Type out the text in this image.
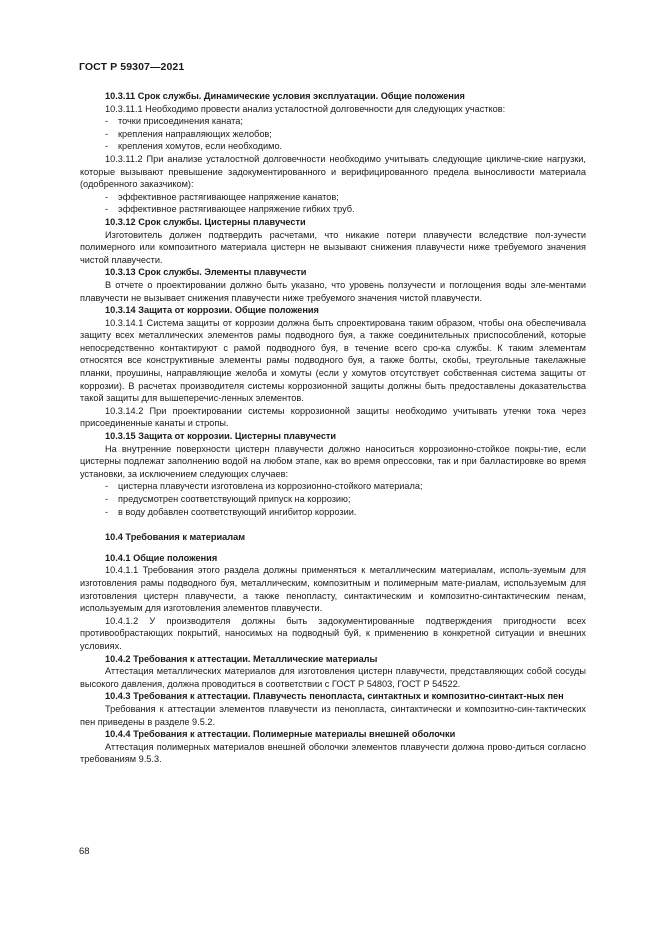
ГОСТ Р 59307—2021
10.3.11 Срок службы. Динамические условия эксплуатации. Общие положения
10.3.11.1 Необходимо провести анализ усталостной долговечности для следующих участков:
- точки присоединения каната;
- крепления направляющих желобов;
- крепления хомутов, если необходимо.
10.3.11.2 При анализе усталостной долговечности необходимо учитывать следующие цикличе-ские нагрузки, которые вызывают превышение задокументированного и верифицированного предела выносливости материала (одобренного заказчиком):
- эффективное растягивающее напряжение канатов;
- эффективное растягивающее напряжение гибких труб.
10.3.12 Срок службы. Цистерны плавучести
Изготовитель должен подтвердить расчетами, что никакие потери плавучести вследствие пол-зучести полимерного или композитного материала цистерн не вызывают снижения плавучести ниже требуемого значения чистой плавучести.
10.3.13 Срок службы. Элементы плавучести
В отчете о проектировании должно быть указано, что уровень ползучести и поглощения воды эле-ментами плавучести не вызывает снижения плавучести ниже требуемого значения чистой плавучести.
10.3.14 Защита от коррозии. Общие положения
10.3.14.1 Система защиты от коррозии должна быть спроектирована таким образом, чтобы она обеспечивала защиту всех металлических элементов рамы подводного буя, а также соединительных приспособлений, которые непосредственно контактируют с рамой подводного буя, в течение всего сро-ка службы. К таким элементам относятся все конструктивные элементы рамы подводного буя, а также болты, скобы, треугольные такелажные планки, проушины, направляющие желоба и хомуты (если у хомутов отсутствует собственная система защиты от коррозии). В расчетах производителя системы коррозионной защиты должны быть предоставлены доказательства такой защиты для вышеперечис-ленных элементов.
10.3.14.2 При проектировании системы коррозионной защиты необходимо учитывать утечки тока через присоединенные канаты и стропы.
10.3.15 Защита от коррозии. Цистерны плавучести
На внутренние поверхности цистерн плавучести должно наноситься коррозионно-стойкое покры-тие, если цистерны подлежат заполнению водой на любом этапе, как во время опрессовки, так и при балластировке во время установки, за исключением следующих случаев:
- цистерна плавучести изготовлена из коррозионно-стойкого материала;
- предусмотрен соответствующий припуск на коррозию;
- в воду добавлен соответствующий ингибитор коррозии.
10.4 Требования к материалам
10.4.1 Общие положения
10.4.1.1 Требования этого раздела должны применяться к металлическим материалам, исполь-зуемым для изготовления рамы подводного буя, металлическим, композитным и полимерным мате-риалам, используемым для изготовления цистерн плавучести, а также пенопласту, синтактическим и композитно-синтактическим пенам, используемым для изготовления элементов плавучести.
10.4.1.2 У производителя должны быть задокументированные подтверждения пригодности всех противообрастающих покрытий, наносимых на подводный буй, к применению в конкретной ситуации и внешних условиях.
10.4.2 Требования к аттестации. Металлические материалы
Аттестация металлических материалов для изготовления цистерн плавучести, представляющих собой сосуды высокого давления, должна проводиться в соответствии с ГОСТ Р 54803, ГОСТ Р 54522.
10.4.3 Требования к аттестации. Плавучесть пенопласта, синтактных и композитно-синтакт-ных пен
Требования к аттестации элементов плавучести из пенопласта, синтактически и композитно-син-тактических пен приведены в разделе 9.5.2.
10.4.4 Требования к аттестации. Полимерные материалы внешней оболочки
Аттестация полимерных материалов внешней оболочки элементов плавучести должна прово-диться согласно требованиям 9.5.3.
68
